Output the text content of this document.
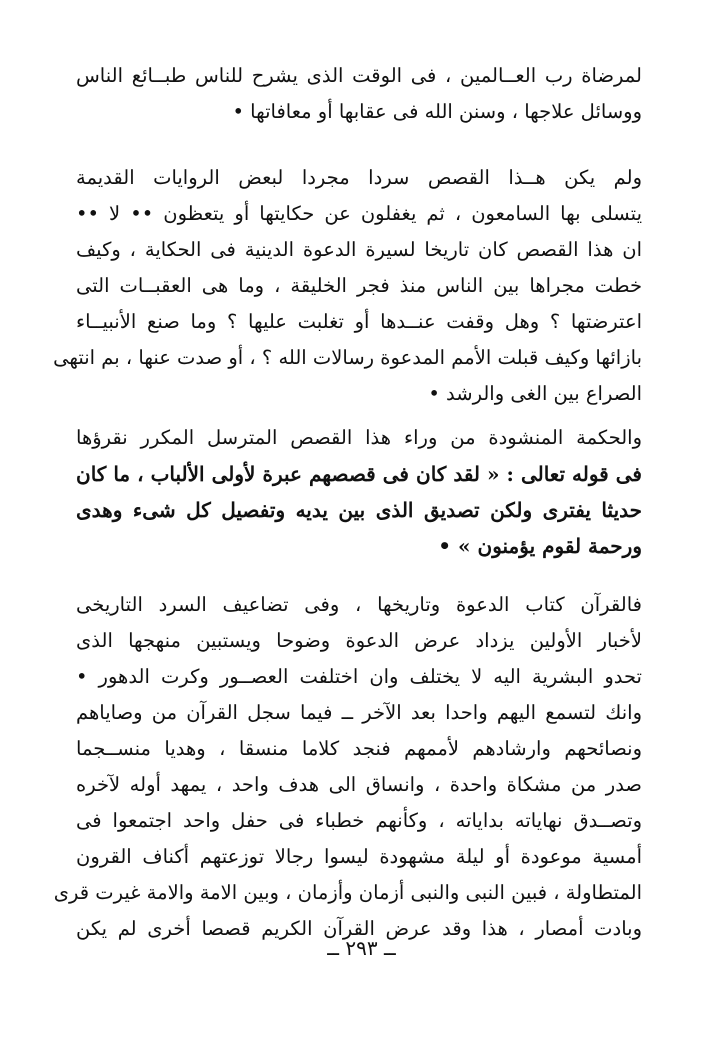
لمرضاة رب العــالمين ، فى الوقت الذى يشرح للناس طبــائع الناس
ووسائل علاجها ، وسنن الله فى عقابها أو معافاتها •
ولم يكن هــذا القصص سردا مجردا لبعض الروايات القديمة
يتسلى بها السامعون ، ثم يغفلون عن حكايتها أو يتعظون •• لا ••
ان هذا القصص كان تاريخا لسيرة الدعوة الدينية فى الحكاية ، وكيف
خطت مجراها بين الناس منذ فجر الخليقة ، وما هى العقبــات التى
اعترضتها ؟ وهل وقفت عنــدها أو تغلبت عليها ؟ وما صنع الأنبيــاء
بازائها وكيف قبلت الأمم المدعوة رسالات الله ؟ ، أو صدت عنها ، بم انتهى
الصراع بين الغى والرشد •
والحكمة المنشودة من وراء هذا القصص المترسل المكرر نقرؤها
فى قوله تعالى : « لقد كان فى قصصهم عبرة لأولى الألباب ، ما كان
حديثا يفترى ولكن تصديق الذى بين يديه وتفصيل كل شىء وهدى
ورحمة لقوم يؤمنون » •
فالقرآن كتاب الدعوة وتاريخها ، وفى تضاعيف السرد التاريخى
لأخبار الأولين يزداد عرض الدعوة وضوحا ويستبين منهجها الذى
تحدو البشرية اليه لا يختلف وان اختلفت العصــور وكرت الدهور •
وانك لتسمع اليهم واحدا بعد الآخر ــ فيما سجل القرآن من وصاياهم
ونصائحهم وارشادهم لأممهم فنجد كلاما منسقا ، وهديا منســجما
صدر من مشكاة واحدة ، وانساق الى هدف واحد ، يمهد أوله لآخره
وتصــدق نهاياته بداياته ، وكأنهم خطباء فى حفل واحد اجتمعوا فى
أمسية موعودة أو ليلة مشهودة ليسوا رجالا توزعتهم أكناف القرون
المتطاولة ، فبين النبى والنبى أزمان وأزمان ، وبين الامة والامة غيرت قرى
وبادت أمصار ، هذا وقد عرض القرآن الكريم قصصا أخرى لم يكن
ــ ٢٩٣ ــ
